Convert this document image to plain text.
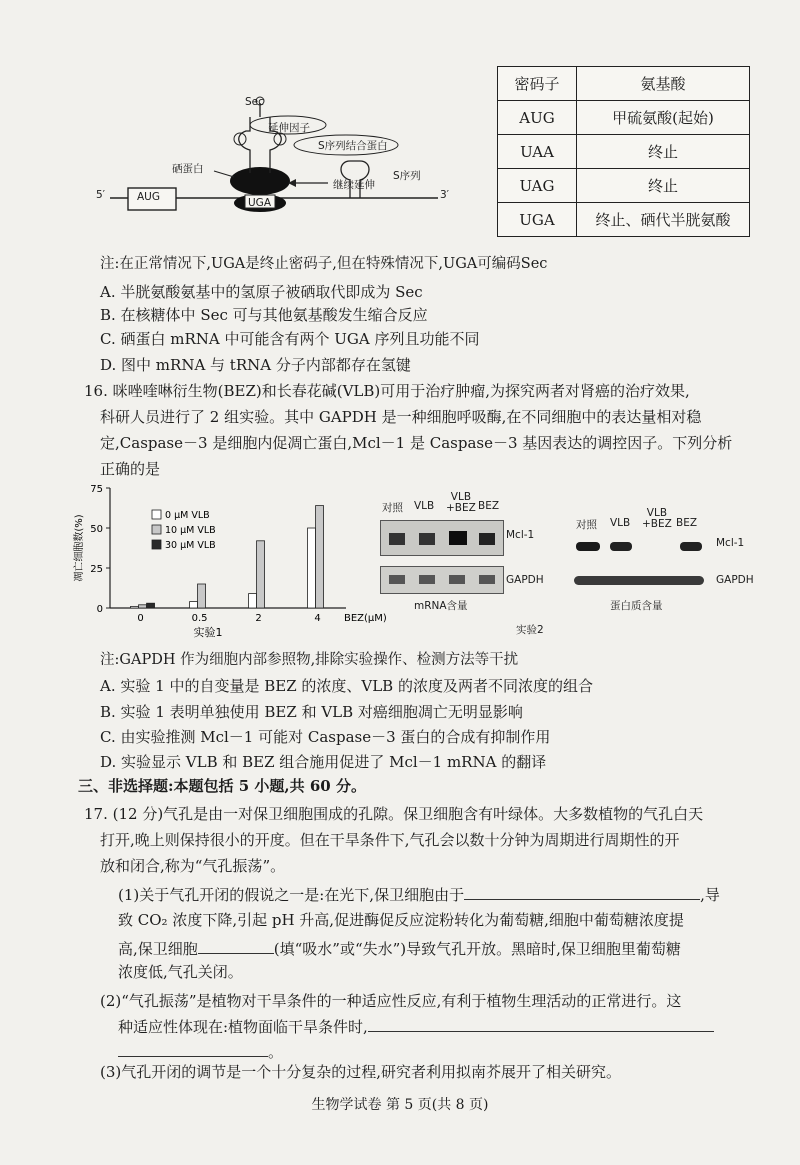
Sec
延伸因子
S序列结合蛋白
硒蛋白
S序列
继续延伸
5′	3′
AUG	UGA
密码子	氨基酸
AUG	甲硫氨酸(起始)
UAA	终止
UAG	终止
UGA	终止、硒代半胱氨酸
注:在正常情况下,UGA是终止密码子,但在特殊情况下,UGA可编码Sec
A. 半胱氨酸氨基中的氢原子被硒取代即成为 Sec
B. 在核糖体中 Sec 可与其他氨基酸发生缩合反应
C. 硒蛋白 mRNA 中可能含有两个 UGA 序列且功能不同
D. 图中 mRNA 与 tRNA 分子内部都存在氢键
16. 咪唑喹啉衍生物(BEZ)和长春花碱(VLB)可用于治疗肿瘤,为探究两者对肾癌的治疗效果,
科研人员进行了 2 组实验。其中 GAPDH 是一种细胞呼吸酶,在不同细胞中的表达量相对稳
定,Caspase－3 是细胞内促凋亡蛋白,Mcl－1 是 Caspase－3 基因表达的调控因子。下列分析
正确的是
0
25
50
75
凋亡细胞数(%)
0	0.5	2	4 BEZ(μM)
实验1
0 μM VLB
10 μM VLB
30 μM VLB
对照 VLB
VLB
+BEZ BEZ
Mcl-1
GAPDH
mRNA含量
对照 VLB
VLB
+BEZ BEZ
Mcl-1
GAPDH
蛋白质含量
实验2
注:GAPDH 作为细胞内部参照物,排除实验操作、检测方法等干扰
A. 实验 1 中的自变量是 BEZ 的浓度、VLB 的浓度及两者不同浓度的组合
B. 实验 1 表明单独使用 BEZ 和 VLB 对癌细胞凋亡无明显影响
C. 由实验推测 Mcl－1 可能对 Caspase－3 蛋白的合成有抑制作用
D. 实验显示 VLB 和 BEZ 组合施用促进了 Mcl－1 mRNA 的翻译
三、非选择题:本题包括 5 小题,共 60 分。
17. (12 分)气孔是由一对保卫细胞围成的孔隙。保卫细胞含有叶绿体。大多数植物的气孔白天
打开,晚上则保持很小的开度。但在干旱条件下,气孔会以数十分钟为周期进行周期性的开
放和闭合,称为“气孔振荡”。
(1)关于气孔开闭的假说之一是:在光下,保卫细胞由于	,导
致 CO₂ 浓度下降,引起 pH 升高,促进酶促反应淀粉转化为葡萄糖,细胞中葡萄糖浓度提
高,保卫细胞	(填“吸水”或“失水”)导致气孔开放。黑暗时,保卫细胞里葡萄糖
浓度低,气孔关闭。
(2)“气孔振荡”是植物对干旱条件的一种适应性反应,有利于植物生理活动的正常进行。这
种适应性体现在:植物面临干旱条件时,
。
(3)气孔开闭的调节是一个十分复杂的过程,研究者利用拟南芥展开了相关研究。
生物学试卷 第 5 页(共 8 页)
